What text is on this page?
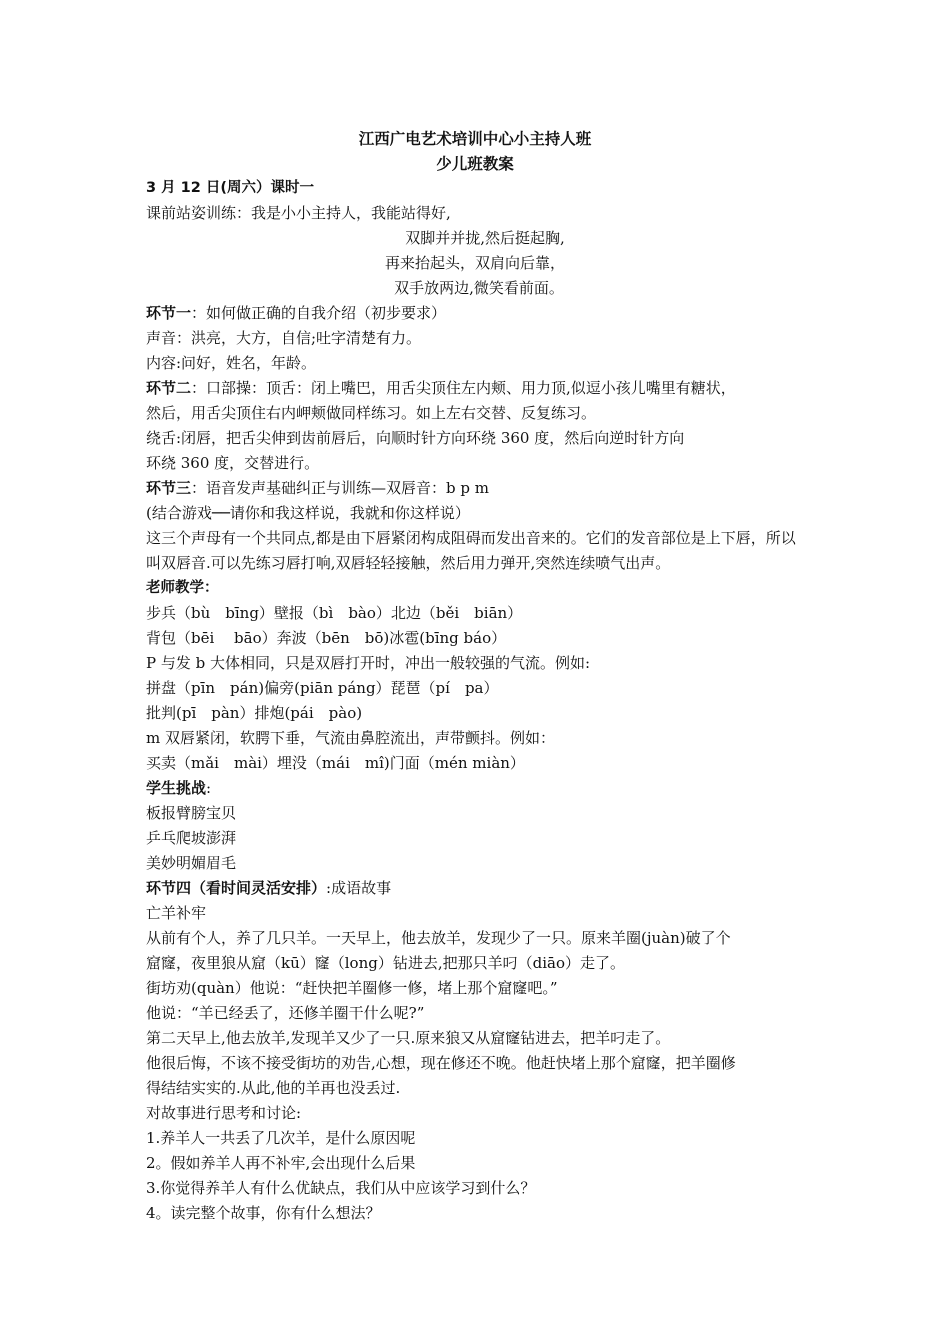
江西广电艺术培训中心小主持人班
少儿班教案
3 月 12 日(周六）课时一
课前站姿训练：我是小小主持人，我能站得好,
双脚并并拢,然后挺起胸,
再来抬起头，双肩向后靠，
双手放两边,微笑看前面。
环节一：如何做正确的自我介绍（初步要求）
声音：洪亮，大方，自信;吐字清楚有力。
内容:问好，姓名，年龄。
环节二：口部操：顶舌：闭上嘴巴，用舌尖顶住左内颊、用力顶,似逗小孩儿嘴里有糖状，
然后，用舌尖顶住右内岬颊做同样练习。如上左右交替、反复练习。
绕舌:闭唇，把舌尖伸到齿前唇后，向顺时针方向环绕 360 度，然后向逆时针方向
环绕 360 度，交替进行。
环节三：语音发声基础纠正与训练—双唇音：b p m
(结合游戏──请你和我这样说，我就和你这样说）
这三个声母有一个共同点,都是由下唇紧闭构成阻碍而发出音来的。它们的发音部位是上下唇，所以
叫双唇音.可以先练习唇打响,双唇轻轻接触，然后用力弹开,突然连续喷气出声。
老师教学：
步兵（bù　bīng）壁报（bì　bào）北边（běi　biān）
背包（bēi　 bāo）奔波（bēn　bō)冰雹(bīng báo）
P 与发 b 大体相同，只是双唇打开时，冲出一般较强的气流。例如:
拼盘（pīn　pán)偏旁(piān páng）琵琶（pí　pa）
批判(pī　pàn）排炮(pái　pào)
m 双唇紧闭，软腭下垂，气流由鼻腔流出，声带颤抖。例如：
买卖（mǎi　mài）埋没（mái　mî)门面（mén miàn）
学生挑战:
板报臂膀宝贝
乒乓爬坡澎湃
美妙明媚眉毛
环节四（看时间灵活安排）:成语故事
亡羊补牢
从前有个人，养了几只羊。一天早上，他去放羊，发现少了一只。原来羊圈(juàn)破了个
窟窿，夜里狼从窟（kū）窿（long）钻进去,把那只羊叼（diāo）走了。
街坊劝(quàn）他说：“赶快把羊圈修一修，堵上那个窟窿吧。”
他说：“羊已经丢了，还修羊圈干什么呢?”
第二天早上,他去放羊,发现羊又少了一只.原来狼又从窟窿钻进去，把羊叼走了。
他很后悔，不该不接受街坊的劝告,心想，现在修还不晚。他赶快堵上那个窟窿，把羊圈修
得结结实实的.从此,他的羊再也没丢过.
对故事进行思考和讨论:
1.养羊人一共丢了几次羊，是什么原因呢
2。假如养羊人再不补牢,会出现什么后果
3.你觉得养羊人有什么优缺点，我们从中应该学习到什么？
4。读完整个故事，你有什么想法？
